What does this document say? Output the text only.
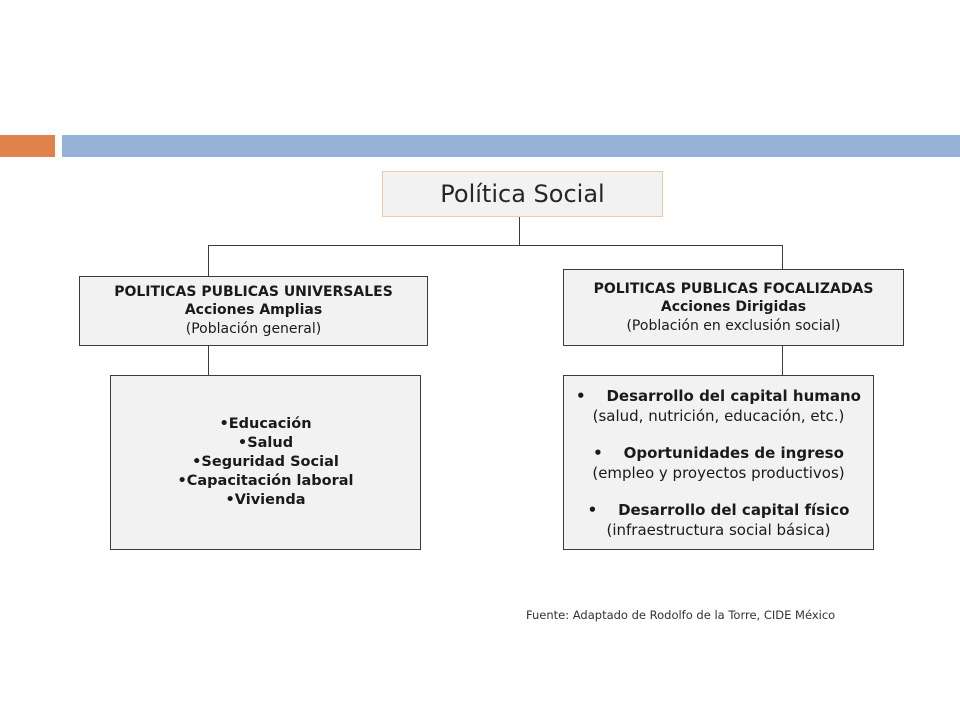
Política Social
POLITICAS PUBLICAS UNIVERSALES
Acciones Amplias
(Población general)
POLITICAS PUBLICAS FOCALIZADAS
Acciones Dirigidas
(Población en exclusión social)
•Educación
•Salud
•Seguridad Social
•Capacitación laboral
•Vivienda
•    Desarrollo del capital humano
(salud, nutrición, educación, etc.)
•    Oportunidades de ingreso
(empleo y proyectos productivos)
•    Desarrollo del capital físico
(infraestructura social básica)
Fuente: Adaptado de Rodolfo de la Torre, CIDE México
